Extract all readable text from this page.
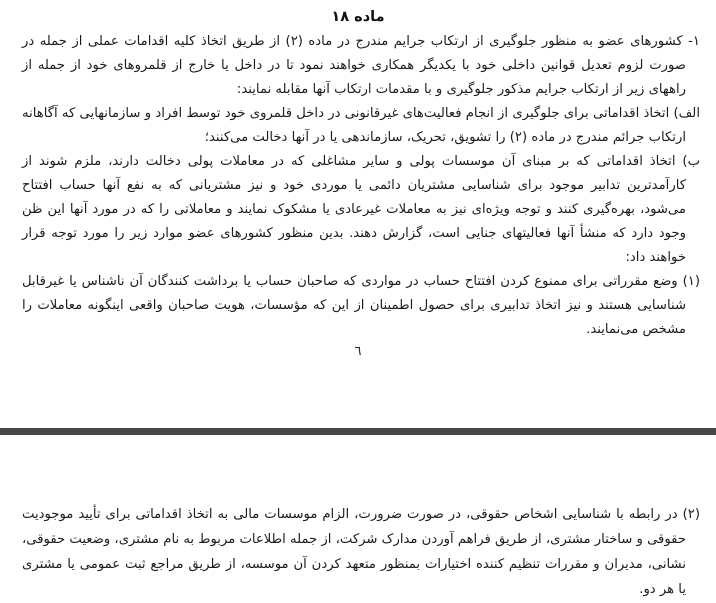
ماده ۱۸

۱- کشورهای عضو به منظور جلوگیری از ارتکاب جرایم مندرج در ماده (۲) از طریق اتخاذ کلیه اقدامات عملی از جمله در صورت لزوم تعدیل قوانین داخلی خود با یکدیگر همکاری خواهند نمود تا در داخل یا خارج از قلمروهای خود از جمله از راههای زیر از ارتکاب جرایم مذکور جلوگیری و با مقدمات ارتکاب آنها مقابله نمایند:

الف) اتخاذ اقداماتی برای جلوگیری از انجام فعالیت‌های غیرقانونی در داخل قلمروی خود توسط افراد و سازمانهایی که آگاهانه ارتکاب جرائم مندرج در ماده (۲) را تشویق، تحریک، سازماندهی یا در آنها دخالت می‌کنند؛

ب) اتخاذ اقداماتی که بر مبنای آن موسسات پولی و سایر مشاغلی که در معاملات پولی دخالت دارند، ملزم شوند از کارآمدترین تدابیر موجود برای شناسایی مشتریان دائمی یا موردی خود و نیز مشتریانی که به نفع آنها حساب افتتاح می‌شود، بهره‌گیری کنند و توجه ویژه‌ای نیز به معاملات غیرعادی یا مشکوک نمایند و معاملاتی را که در مورد آنها این ظن وجود دارد که منشأ آنها فعالیتهای جنایی است، گزارش دهند. بدین منظور کشورهای عضو موارد زیر را مورد توجه قرار خواهند داد:

(۱) وضع مقرراتی برای ممنوع کردن افتتاح حساب در مواردی که صاحبان حساب یا برداشت کنندگان آن ناشناس یا غیرقابل شناسایی هستند و نیز اتخاذ تدابیری برای حصول اطمینان از این که مؤسسات، هویت صاحبان واقعی اینگونه معاملات را مشخص می‌نمایند.

٦

(۲) در رابطه با شناسایی اشخاص حقوقی، در صورت ضرورت، الزام موسسات مالی به اتخاذ اقداماتی برای تأیید موجودیت حقوقی و ساختار مشتری، از طریق فراهم آوردن مدارک شرکت، از جمله اطلاعات مربوط به نام مشتری، وضعیت حقوقی، نشانی، مدیران و مقررات تنظیم کننده اختیارات بمنظور متعهد کردن آن موسسه، از طریق مراجع ثبت عمومی یا مشتری یا هر دو.
